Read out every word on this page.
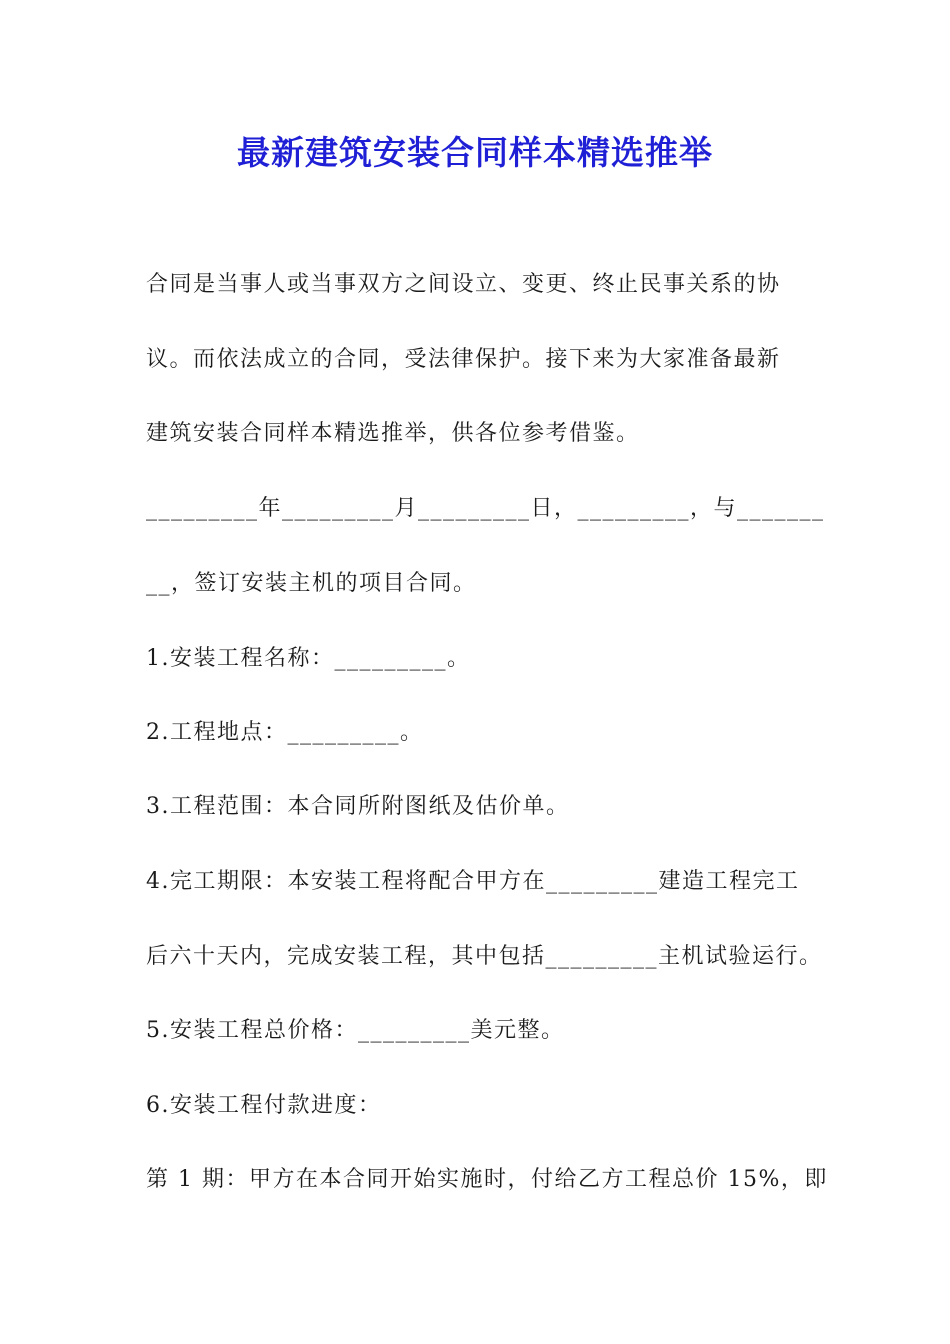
最新建筑安装合同样本精选推举
合同是当事人或当事双方之间设立、变更、终止民事关系的协
议。而依法成立的合同，受法律保护。接下来为大家准备最新
建筑安装合同样本精选推举，供各位参考借鉴。
_________年_________月_________日，_________，与_______
__，签订安装主机的项目合同。
1.安装工程名称：_________。
2.工程地点：_________。
3.工程范围：本合同所附图纸及估价单。
4.完工期限：本安装工程将配合甲方在_________建造工程完工
后六十天内，完成安装工程，其中包括_________主机试验运行。
5.安装工程总价格：_________美元整。
6.安装工程付款进度：
第 1 期：甲方在本合同开始实施时，付给乙方工程总价 15%，即
